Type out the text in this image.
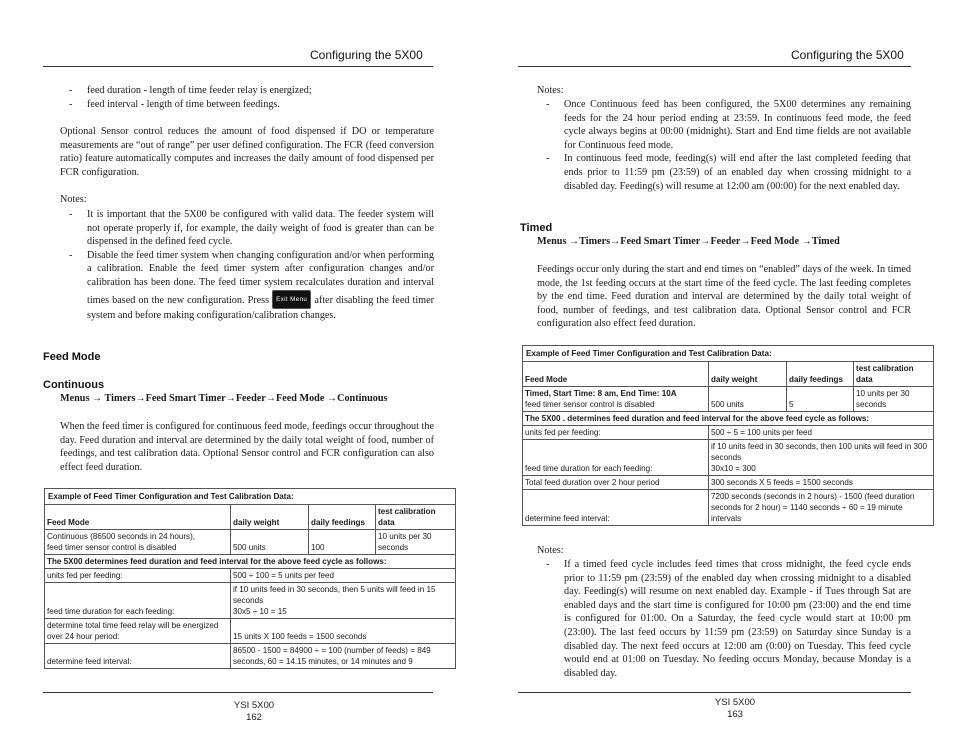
Configuring the 5X00
- feed duration - length of time feeder relay is energized;
- feed interval - length of time between feedings.
Optional Sensor control reduces the amount of food dispensed if DO or temperature measurements are “out of range” per user defined configuration. The FCR (feed conversion ratio) feature automatically computes and increases the daily amount of food dispensed per FCR configuration.
Notes:
- It is important that the 5X00 be configured with valid data. The feeder system will not operate properly if, for example, the daily weight of food is greater than can be dispensed in the defined feed cycle.
- Disable the feed timer system when changing configuration and/or when performing a calibration. Enable the feed timer system after configuration changes and/or calibration has been done. The feed timer system recalculates duration and interval times based on the new configuration. Press Exit Menu after disabling the feed timer system and before making configuration/calibration changes.
Feed Mode
Continuous
Menus → Timers→Feed Smart Timer→Feeder→Feed Mode →Continuous
When the feed timer is configured for continuous feed mode, feedings occur throughout the day. Feed duration and interval are determined by the daily total weight of food, number of feedings, and test calibration data. Optional Sensor control and FCR configuration can also effect feed duration.
Example of Feed Timer Configuration and Test Calibration Data:			
Feed Mode	daily weight	daily feedings	test calibration data
Continuous (86500 seconds in 24 hours),
feed timer sensor control is disabled	500 units	100	10 units per 30 seconds
The 5X00 determines feed duration and feed interval for the above feed cycle as follows:			
units fed per feeding:	500 ÷ 100 = 5 units per feed		
feed time duration for each feeding:	if 10 units feed in 30 seconds, then 5 units will feed in 15 seconds
30x5 ÷ 10 = 15		
determine total time feed relay will be energized over 24 hour period:	15 units X 100 feeds = 1500 seconds		
determine feed interval:	86500 - 1500 = 84900 ÷ = 100 (number of feeds) = 849 seconds, 60 = 14.15 minutes, or 14 minutes and 9		
YSI 5X00
162
Configuring the 5X00
Notes:
- Once Continuous feed has been configured, the 5X00 determines any remaining feeds for the 24 hour period ending at 23:59. In continuous feed mode, the feed cycle always begins at 00:00 (midnight). Start and End time fields are not available for Continuous feed mode.
- In continuous feed mode, feeding(s) will end after the last completed feeding that ends prior to 11:59 pm (23:59) of an enabled day when crossing midnight to a disabled day. Feeding(s) will resume at 12:00 am (00:00) for the next enabled day.
Timed
Menus →Timers→Feed Smart Timer→Feeder→Feed Mode →Timed
Feedings occur only during the start and end times on “enabled” days of the week. In timed mode, the 1st feeding occurs at the start time of the feed cycle. The last feeding completes by the end time. Feed duration and interval are determined by the daily total weight of food, number of feedings, and test calibration data. Optional Sensor control and FCR configuration also effect feed duration.
Example of Feed Timer Configuration and Test Calibration Data:			
Feed Mode	daily weight	daily feedings	test calibration data
Timed, Start Time: 8 am, End Time: 10A
feed timer sensor control is disabled	500 units	5	10 units per 30 seconds
The 5X00 . determines feed duration and feed interval for the above feed cycle as follows:			
units fed per feeding:	500 ÷ 5 = 100 units per feed		
feed time duration for each feeding:	if 10 units feed in 30 seconds, then 100 units will feed in 300 seconds
30x10 = 300		
Total feed duration over 2 hour period	300 seconds X 5 feeds = 1500 seconds		
determine feed interval:	7200 seconds (seconds in 2 hours) - 1500 (feed duration seconds for 2 hour) = 1140 seconds ÷ 60 = 19 minute intervals		
Notes:
- If a timed feed cycle includes feed times that cross midnight, the feed cycle ends prior to 11:59 pm (23:59) of the enabled day when crossing midnight to a disabled day. Feeding(s) will resume on next enabled day. Example - if Tues through Sat are enabled days and the start time is configured for 10:00 pm (23:00) and the end time is configured for 01:00. On a Saturday, the feed cycle would start at 10:00 pm (23:00). The last feed occurs by 11:59 pm (23:59) on Saturday since Sunday is a disabled day. The next feed occurs at 12:00 am (0:00) on Tuesday. This feed cycle would end at 01:00 on Tuesday. No feeding occurs Monday, because Monday is a disabled day.
YSI 5X00
163
